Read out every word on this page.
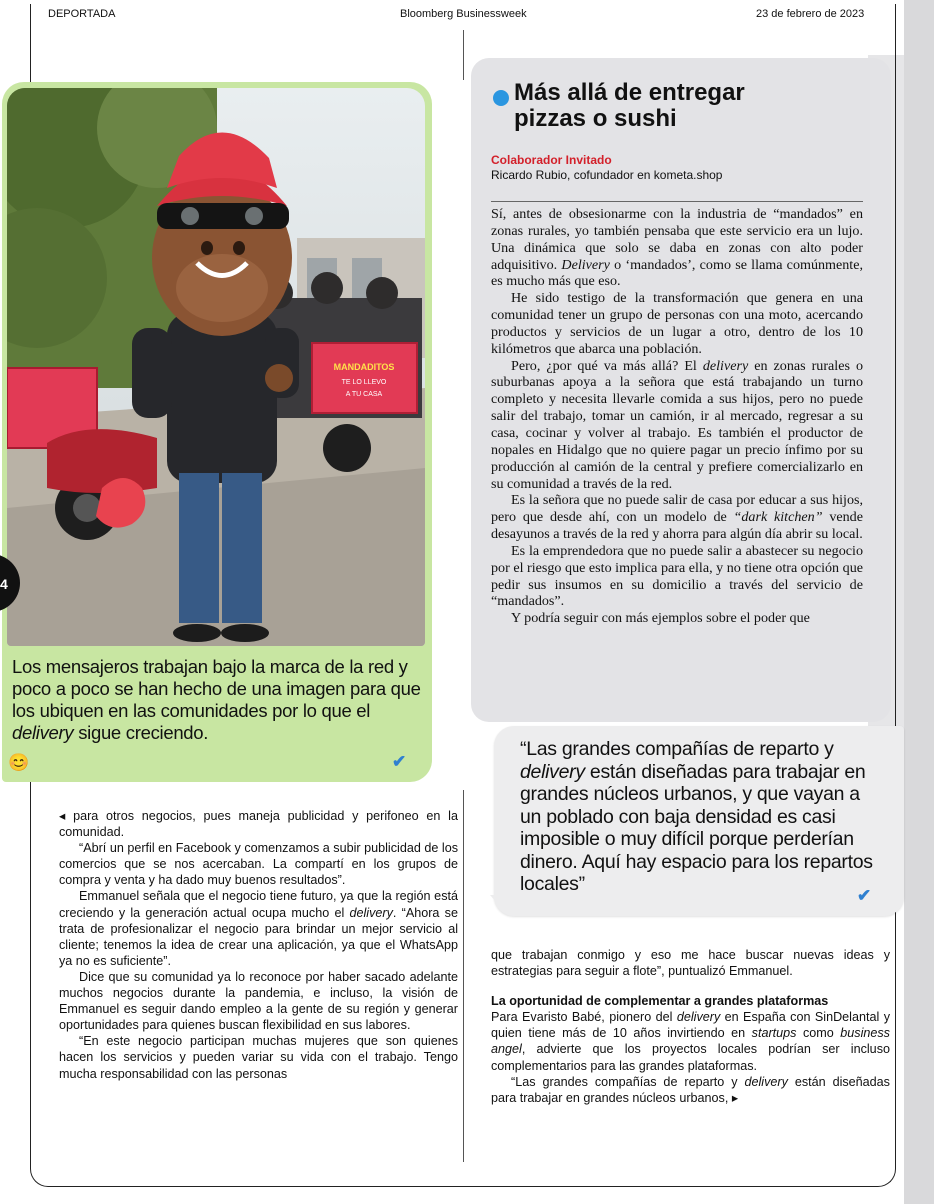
DEPORTADA	Bloomberg Businessweek	23 de febrero de 2023
MANDADITOS
TE LO LLEVO
A TU CASA
Los mensajeros trabajan bajo la marca de la red y poco a poco se han hecho de una imagen para que los ubiquen en las comunidades por lo que el delivery sigue creciendo.
😊	✔
4

◂ para otros negocios, pues maneja publicidad y perifoneo en la comunidad.

“Abrí un perfil en Facebook y comenzamos a subir publicidad de los comercios que se nos acercaban. La compartí en los grupos de compra y venta y ha dado muy buenos resultados”.

Emmanuel señala que el negocio tiene futuro, ya que la región está creciendo y la generación actual ocupa mucho el delivery. “Ahora se trata de profesionalizar el negocio para brindar un mejor servicio al cliente; tenemos la idea de crear una aplicación, ya que el WhatsApp ya no es suficiente”.

Dice que su comunidad ya lo reconoce por haber sacado adelante muchos negocios durante la pandemia, e incluso, la visión de Emmanuel es seguir dando empleo a la gente de su región y generar oportunidades para quienes buscan flexibilidad en sus labores.

“En este negocio participan muchas mujeres que son quienes hacen los servicios y pueden variar su vida con el trabajo. Tengo mucha responsabilidad con las personas

Más allá de entregar pizzas o sushi
Colaborador Invitado
Ricardo Rubio, cofundador en kometa.shop

Sí, antes de obsesionarme con la industria de “mandados” en zonas rurales, yo también pensaba que este servicio era un lujo. Una dinámica que solo se daba en zonas con alto poder adquisitivo. Delivery o ‘mandados’, como se llama comúnmente, es mucho más que eso.

He sido testigo de la transformación que genera en una comunidad tener un grupo de personas con una moto, acercando productos y servicios de un lugar a otro, dentro de los 10 kilómetros que abarca una población.

Pero, ¿por qué va más allá? El delivery en zonas rurales o suburbanas apoya a la señora que está trabajando un turno completo y necesita llevarle comida a sus hijos, pero no puede salir del trabajo, tomar un camión, ir al mercado, regresar a su casa, cocinar y volver al trabajo. Es también el productor de nopales en Hidalgo que no quiere pagar un precio ínfimo por su producción al camión de la central y prefiere comercializarlo en su comunidad a través de la red.

Es la señora que no puede salir de casa por educar a sus hijos, pero que desde ahí, con un modelo de “dark kitchen” vende desayunos a través de la red y ahorra para algún día abrir su local.

Es la emprendedora que no puede salir a abastecer su negocio por el riesgo que esto implica para ella, y no tiene otra opción que pedir sus insumos en su domicilio a través del servicio de “mandados”.

Y podría seguir con más ejemplos sobre el poder que

“Las grandes compañías de reparto y delivery están diseñadas para trabajar en grandes núcleos urbanos, y que vayan a un poblado con baja densidad es casi imposible o muy difícil porque perderían dinero. Aquí hay espacio para los repartos locales”
✔

que trabajan conmigo y eso me hace buscar nuevas ideas y estrategias para seguir a flote”, puntualizó Emmanuel.

La oportunidad de complementar a grandes plataformas

Para Evaristo Babé, pionero del delivery en España con SinDelantal y quien tiene más de 10 años invirtiendo en startups como business angel, advierte que los proyectos locales podrían ser incluso complementarios para las grandes plataformas.

“Las grandes compañías de reparto y delivery están diseñadas para trabajar en grandes núcleos urbanos, ▸
